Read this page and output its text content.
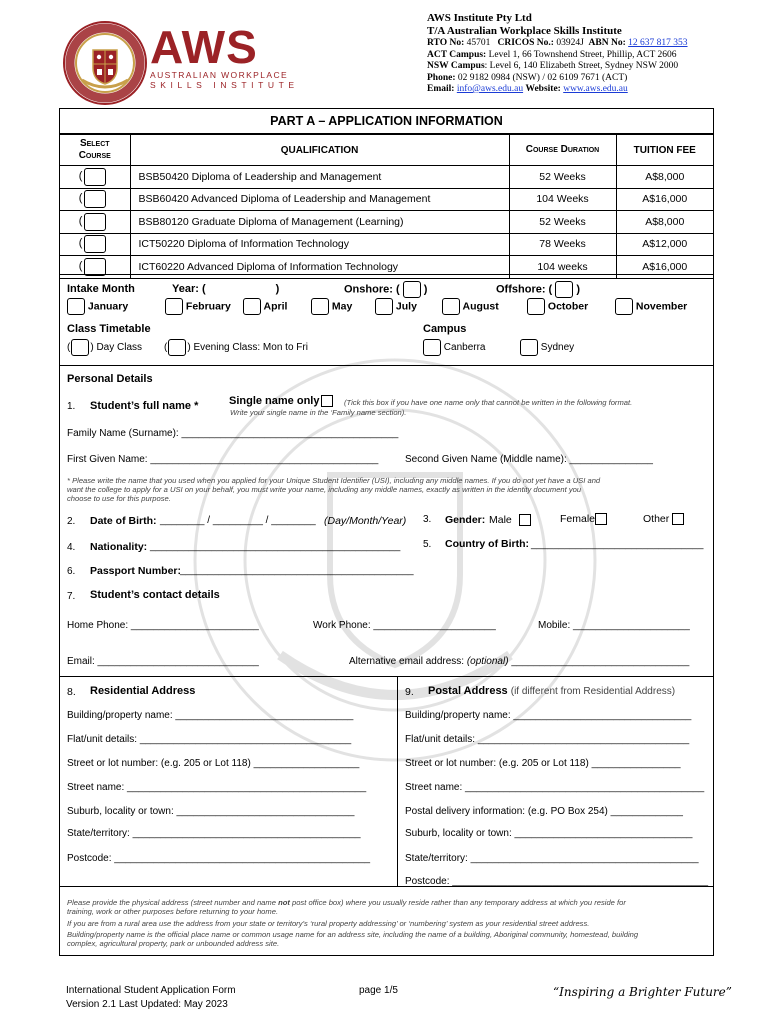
AWS
AUSTRALIAN WORKPLACE
SKILLS INSTITUTE
AWS Institute Pty Ltd
T/A Australian Workplace Skills Institute
RTO No: 45701 CRICOS No.: 03924J ABN No: 12 637 817 353
ACT Campus: Level 1, 66 Townshend Street, Phillip, ACT 2606
NSW Campus: Level 6, 140 Elizabeth Street, Sydney NSW 2000
Phone: 02 9182 0984 (NSW) / 02 6109 7671 (ACT)
Email: info@aws.edu.au Website: www.aws.edu.au
PART A – APPLICATION INFORMATION
Select
Course	QUALIFICATION	Course Duration	TUITION FEE
(	BSB50420 Diploma of Leadership and Management	52 Weeks	A$8,000
(	BSB60420 Advanced Diploma of Leadership and Management	104 Weeks	A$16,000
(	BSB80120 Graduate Diploma of Management (Learning)	52 Weeks	A$8,000
(	ICT50220 Diploma of Information Technology	78 Weeks	A$12,000
(	ICT60220 Advanced Diploma of Information Technology	104 weeks	A$16,000
Intake Month	Year: (	)	Onshore: ( )	Offshore: ( )
January	February	April	May	July	August	October	November
Class Timetable
( ) Day Class ( ) Evening Class: Mon to Fri
Campus
Canberra	Sydney
Personal Details
1. Student’s full name *	Single name only	(Tick this box if you have one name only that cannot be written in the following format.
Write your single name in the ‘Family name section).
Family Name (Surname): _______________________________________
First Given Name: _________________________________________	Second Given Name (Middle name): _______________
* Please write the name that you used when you applied for your Unique Student Identifier (USI), including any middle names. If you do not yet have a USI and
want the college to apply for a USI on your behalf, you must write your name, including any middle names, exactly as written in the identity document you
choose to use for this purpose.
2. Date of Birth: ________ / _________ / ________ (Day/Month/Year) 3. Gender: Male	Female	Other
4. Nationality: _____________________________________________ 5. Country of Birth: _______________________________
6. Passport Number:
__________________________________________
7. Student’s contact details
Home Phone: _______________________	Work Phone: ______________________	Mobile: _____________________
Email: _____________________________	Alternative email address: (optional) ________________________________
8. Residential Address
Building/property name: ________________________________
Flat/unit details: ______________________________________
Street or lot number: (e.g. 205 or Lot 118) ___________________
Street name: ___________________________________________
Suburb, locality or town: ________________________________
State/territory: _________________________________________
Postcode: ______________________________________________
9. Postal Address (if different from Residential Address)
Building/property name: ________________________________
Flat/unit details: ______________________________________
Street or lot number: (e.g. 205 or Lot 118) ________________
Street name: ___________________________________________
Postal delivery information: (e.g. PO Box 254) _____________
Suburb, locality or town: ________________________________
State/territory: _________________________________________
Postcode: ______________________________________________
Please provide the physical address (street number and name not post office box) where you usually reside rather than any temporary address at which you reside for
training, work or other purposes before returning to your home.
If you are from a rural area use the address from your state or territory’s ‘rural property addressing’ or ‘numbering’ system as your residential street address.
Building/property name is the official place name or common usage name for an address site, including the name of a building, Aboriginal community, homestead, building
complex, agricultural property, park or unbounded address site.
International Student Application Form
Version 2.1 Last Updated: May 2023
page 1/5	“Inspiring a Brighter Future”
